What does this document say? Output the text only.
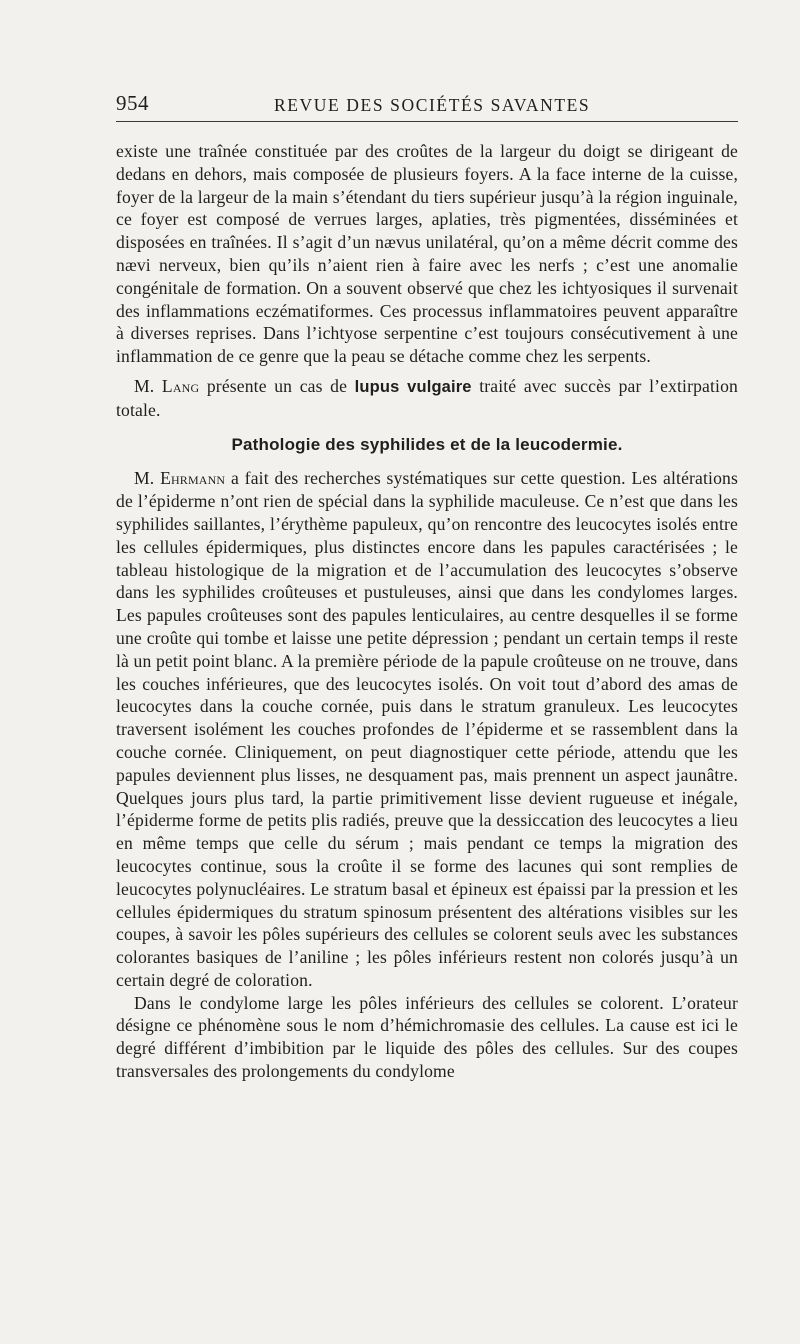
954	REVUE DES SOCIÉTÉS SAVANTES

existe une traînée constituée par des croûtes de la largeur du doigt se dirigeant de dedans en dehors, mais composée de plusieurs foyers. A la face interne de la cuisse, foyer de la largeur de la main s’étendant du tiers supérieur jusqu’à la région inguinale, ce foyer est composé de verrues larges, aplaties, très pigmentées, disséminées et disposées en traînées. Il s’agit d’un nævus unilatéral, qu’on a même décrit comme des nævi nerveux, bien qu’ils n’aient rien à faire avec les nerfs ; c’est une anomalie congénitale de formation. On a souvent observé que chez les ichtyosiques il survenait des inflammations eczématiformes. Ces processus inflammatoires peuvent apparaître à diverses reprises. Dans l’ichtyose serpentine c’est toujours consécutivement à une inflammation de ce genre que la peau se détache comme chez les serpents.

M. Lang présente un cas de lupus vulgaire traité avec succès par l’extirpation totale.

Pathologie des syphilides et de la leucodermie.

M. Ehrmann a fait des recherches systématiques sur cette question. Les altérations de l’épiderme n’ont rien de spécial dans la syphilide maculeuse. Ce n’est que dans les syphilides saillantes, l’érythème papuleux, qu’on rencontre des leucocytes isolés entre les cellules épidermiques, plus distinctes encore dans les papules caractérisées ; le tableau histologique de la migration et de l’accumulation des leucocytes s’observe dans les syphilides croûteuses et pustuleuses, ainsi que dans les condylomes larges. Les papules croûteuses sont des papules lenticulaires, au centre desquelles il se forme une croûte qui tombe et laisse une petite dépression ; pendant un certain temps il reste là un petit point blanc. A la première période de la papule croûteuse on ne trouve, dans les couches inférieures, que des leucocytes isolés. On voit tout d’abord des amas de leucocytes dans la couche cornée, puis dans le stratum granuleux. Les leucocytes traversent isolément les couches profondes de l’épiderme et se rassemblent dans la couche cornée. Cliniquement, on peut diagnostiquer cette période, attendu que les papules deviennent plus lisses, ne desquament pas, mais prennent un aspect jaunâtre. Quelques jours plus tard, la partie primitivement lisse devient rugueuse et inégale, l’épiderme forme de petits plis radiés, preuve que la dessiccation des leucocytes a lieu en même temps que celle du sérum ; mais pendant ce temps la migration des leucocytes continue, sous la croûte il se forme des lacunes qui sont remplies de leucocytes polynucléaires. Le stratum basal et épineux est épaissi par la pression et les cellules épidermiques du stratum spinosum présentent des altérations visibles sur les coupes, à savoir les pôles supérieurs des cellules se colorent seuls avec les substances colorantes basiques de l’aniline ; les pôles inférieurs restent non colorés jusqu’à un certain degré de coloration.

Dans le condylome large les pôles inférieurs des cellules se colorent. L’orateur désigne ce phénomène sous le nom d’hémichromasie des cellules. La cause est ici le degré différent d’imbibition par le liquide des pôles des cellules. Sur des coupes transversales des prolongements du condylome
